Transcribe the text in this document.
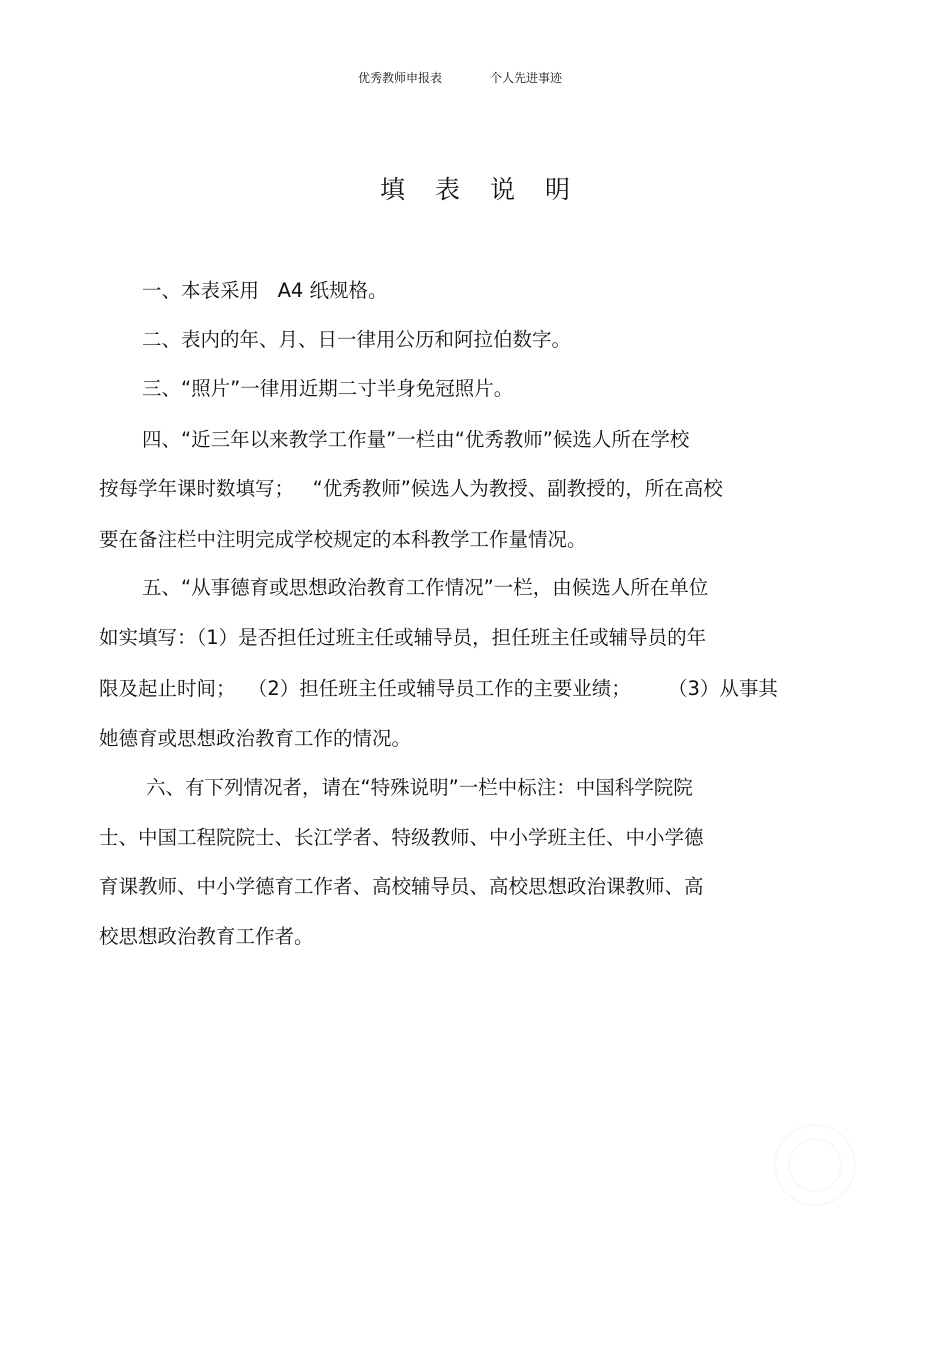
优秀教师申报表	个人先进事迹
填表说明
一、本表采用   A4 纸规格。
二、表内的年、月、日一律用公历和阿拉伯数字。
三、“照片”一律用近期二寸半身免冠照片。
四、“近三年以来教学工作量”一栏由“优秀教师”候选人所在学校
按每学年课时数填写；   “优秀教师”候选人为教授、副教授的，所在高校
要在备注栏中注明完成学校规定的本科教学工作量情况。
五、“从事德育或思想政治教育工作情况”一栏，由候选人所在单位
如实填写：（1）是否担任过班主任或辅导员，担任班主任或辅导员的年
限及起止时间；  （2）担任班主任或辅导员工作的主要业绩；      （3）从事其
她德育或思想政治教育工作的情况。
六、有下列情况者，请在“特殊说明”一栏中标注：中国科学院院
士、中国工程院院士、长江学者、特级教师、中小学班主任、中小学德
育课教师、中小学德育工作者、高校辅导员、高校思想政治课教师、高
校思想政治教育工作者。
